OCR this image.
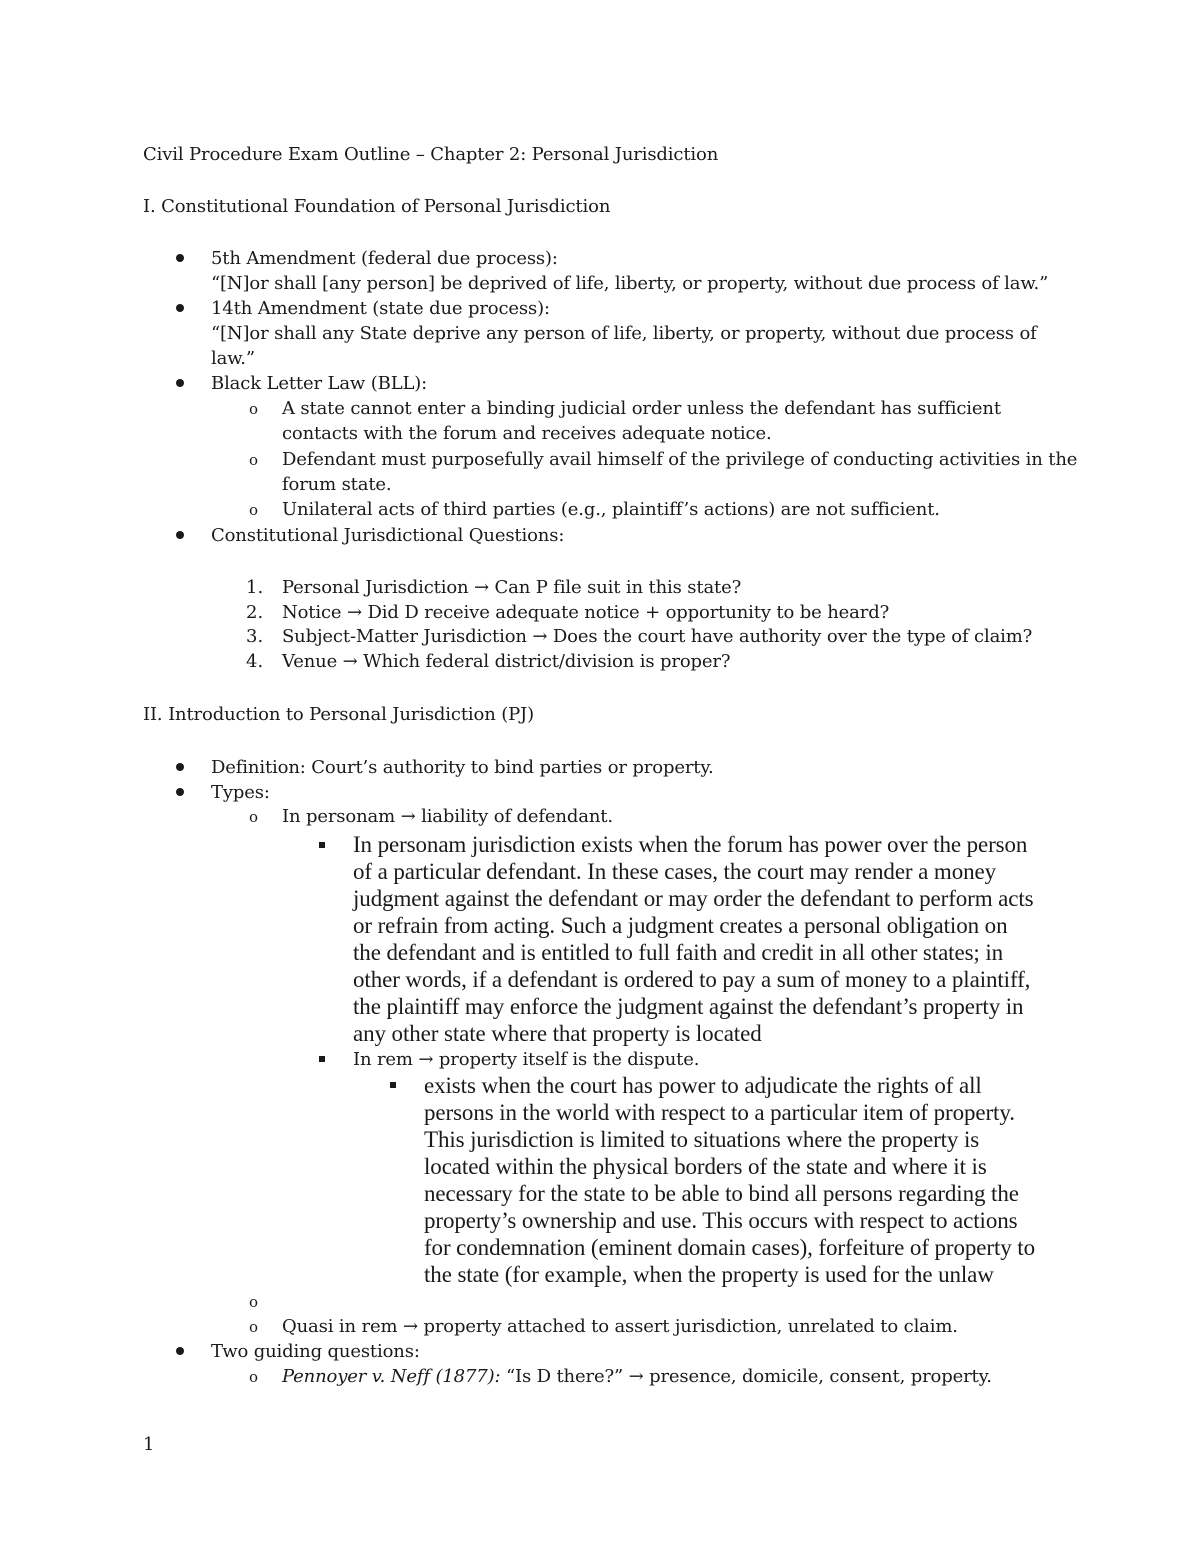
Civil Procedure Exam Outline – Chapter 2: Personal Jurisdiction
I. Constitutional Foundation of Personal Jurisdiction
5th Amendment (federal due process):
“[N]or shall [any person] be deprived of life, liberty, or property, without due process of law.”
14th Amendment (state due process):
“[N]or shall any State deprive any person of life, liberty, or property, without due process of
law.”
Black Letter Law (BLL):
o A state cannot enter a binding judicial order unless the defendant has sufficient
contacts with the forum and receives adequate notice.
o Defendant must purposefully avail himself of the privilege of conducting activities in the
forum state.
o Unilateral acts of third parties (e.g., plaintiff’s actions) are not sufficient.
Constitutional Jurisdictional Questions:
1. Personal Jurisdiction → Can P file suit in this state?
2. Notice → Did D receive adequate notice + opportunity to be heard?
3. Subject-Matter Jurisdiction → Does the court have authority over the type of claim?
4. Venue → Which federal district/division is proper?
II. Introduction to Personal Jurisdiction (PJ)
Definition: Court’s authority to bind parties or property.
Types:
o In personam → liability of defendant.
In personam jurisdiction exists when the forum has power over the person
of a particular defendant. In these cases, the court may render a money
judgment against the defendant or may order the defendant to perform acts
or refrain from acting. Such a judgment creates a personal obligation on
the defendant and is entitled to full faith and credit in all other states; in
other words, if a defendant is ordered to pay a sum of money to a plaintiff,
the plaintiff may enforce the judgment against the defendant’s property in
any other state where that property is located
In rem → property itself is the dispute.
exists when the court has power to adjudicate the rights of all
persons in the world with respect to a particular item of property.
This jurisdiction is limited to situations where the property is
located within the physical borders of the state and where it is
necessary for the state to be able to bind all persons regarding the
property’s ownership and use. This occurs with respect to actions
for condemnation (eminent domain cases), forfeiture of property to
the state (for example, when the property is used for the unlaw
o
o Quasi in rem → property attached to assert jurisdiction, unrelated to claim.
Two guiding questions:
o Pennoyer v. Neff (1877): “Is D there?” → presence, domicile, consent, property.
1
